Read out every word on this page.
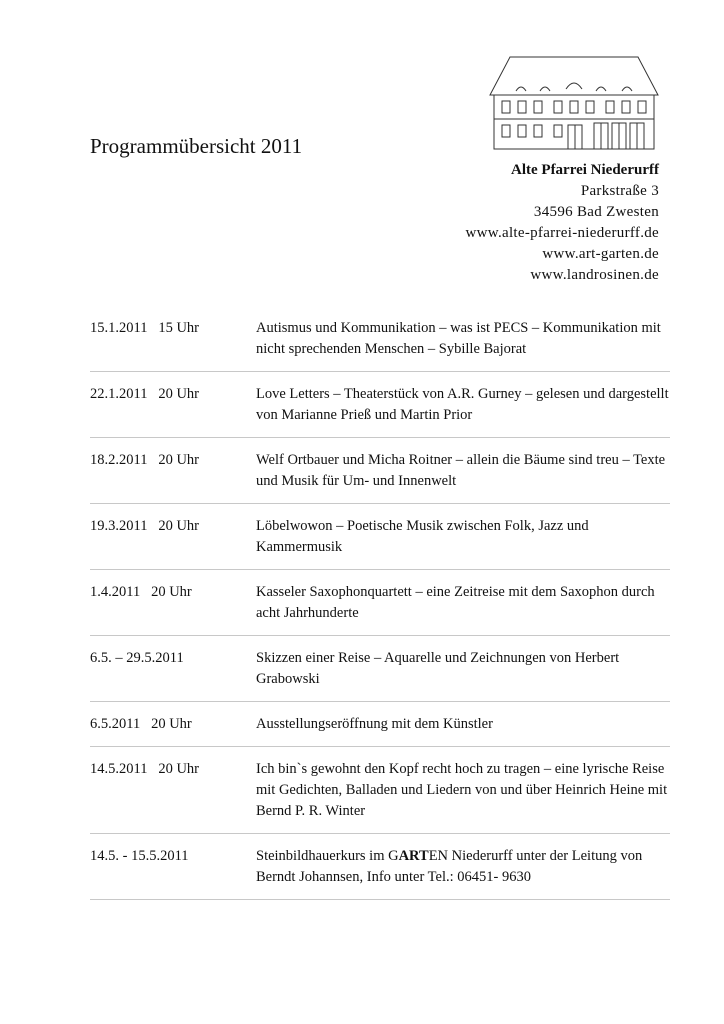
Programmübersicht 2011
Alte Pfarrei Niederurff
Parkstraße 3
34596 Bad Zwesten
www.alte-pfarrei-niederurff.de
www.art-garten.de
www.landrosinen.de
15.1.2011   15 Uhr	Autismus und Kommunikation – was ist PECS – Kommunikation mit nicht sprechenden Menschen – Sybille Bajorat
22.1.2011   20 Uhr	Love Letters – Theaterstück von A.R. Gurney – gelesen und dargestellt von Marianne Prieß und Martin Prior
18.2.2011   20 Uhr	Welf Ortbauer und Micha Roitner – allein die Bäume sind treu – Texte und Musik für Um- und Innenwelt
19.3.2011   20 Uhr	Löbelwowon – Poetische Musik zwischen Folk, Jazz und Kammermusik
1.4.2011   20 Uhr	Kasseler Saxophonquartett – eine Zeitreise mit dem Saxophon durch acht Jahrhunderte
6.5. – 29.5.2011	Skizzen einer Reise – Aquarelle und Zeichnungen von Herbert Grabowski
6.5.2011   20 Uhr	Ausstellungseröffnung mit dem Künstler
14.5.2011   20 Uhr	Ich bin`s gewohnt den Kopf recht hoch zu tragen – eine lyrische Reise mit Gedichten, Balladen und Liedern von und über Heinrich Heine mit Bernd P. R. Winter
14.5. - 15.5.2011	Steinbildhauerkurs im GARTEN Niederurff unter der Leitung von Berndt Johannsen, Info unter Tel.: 06451- 9630
